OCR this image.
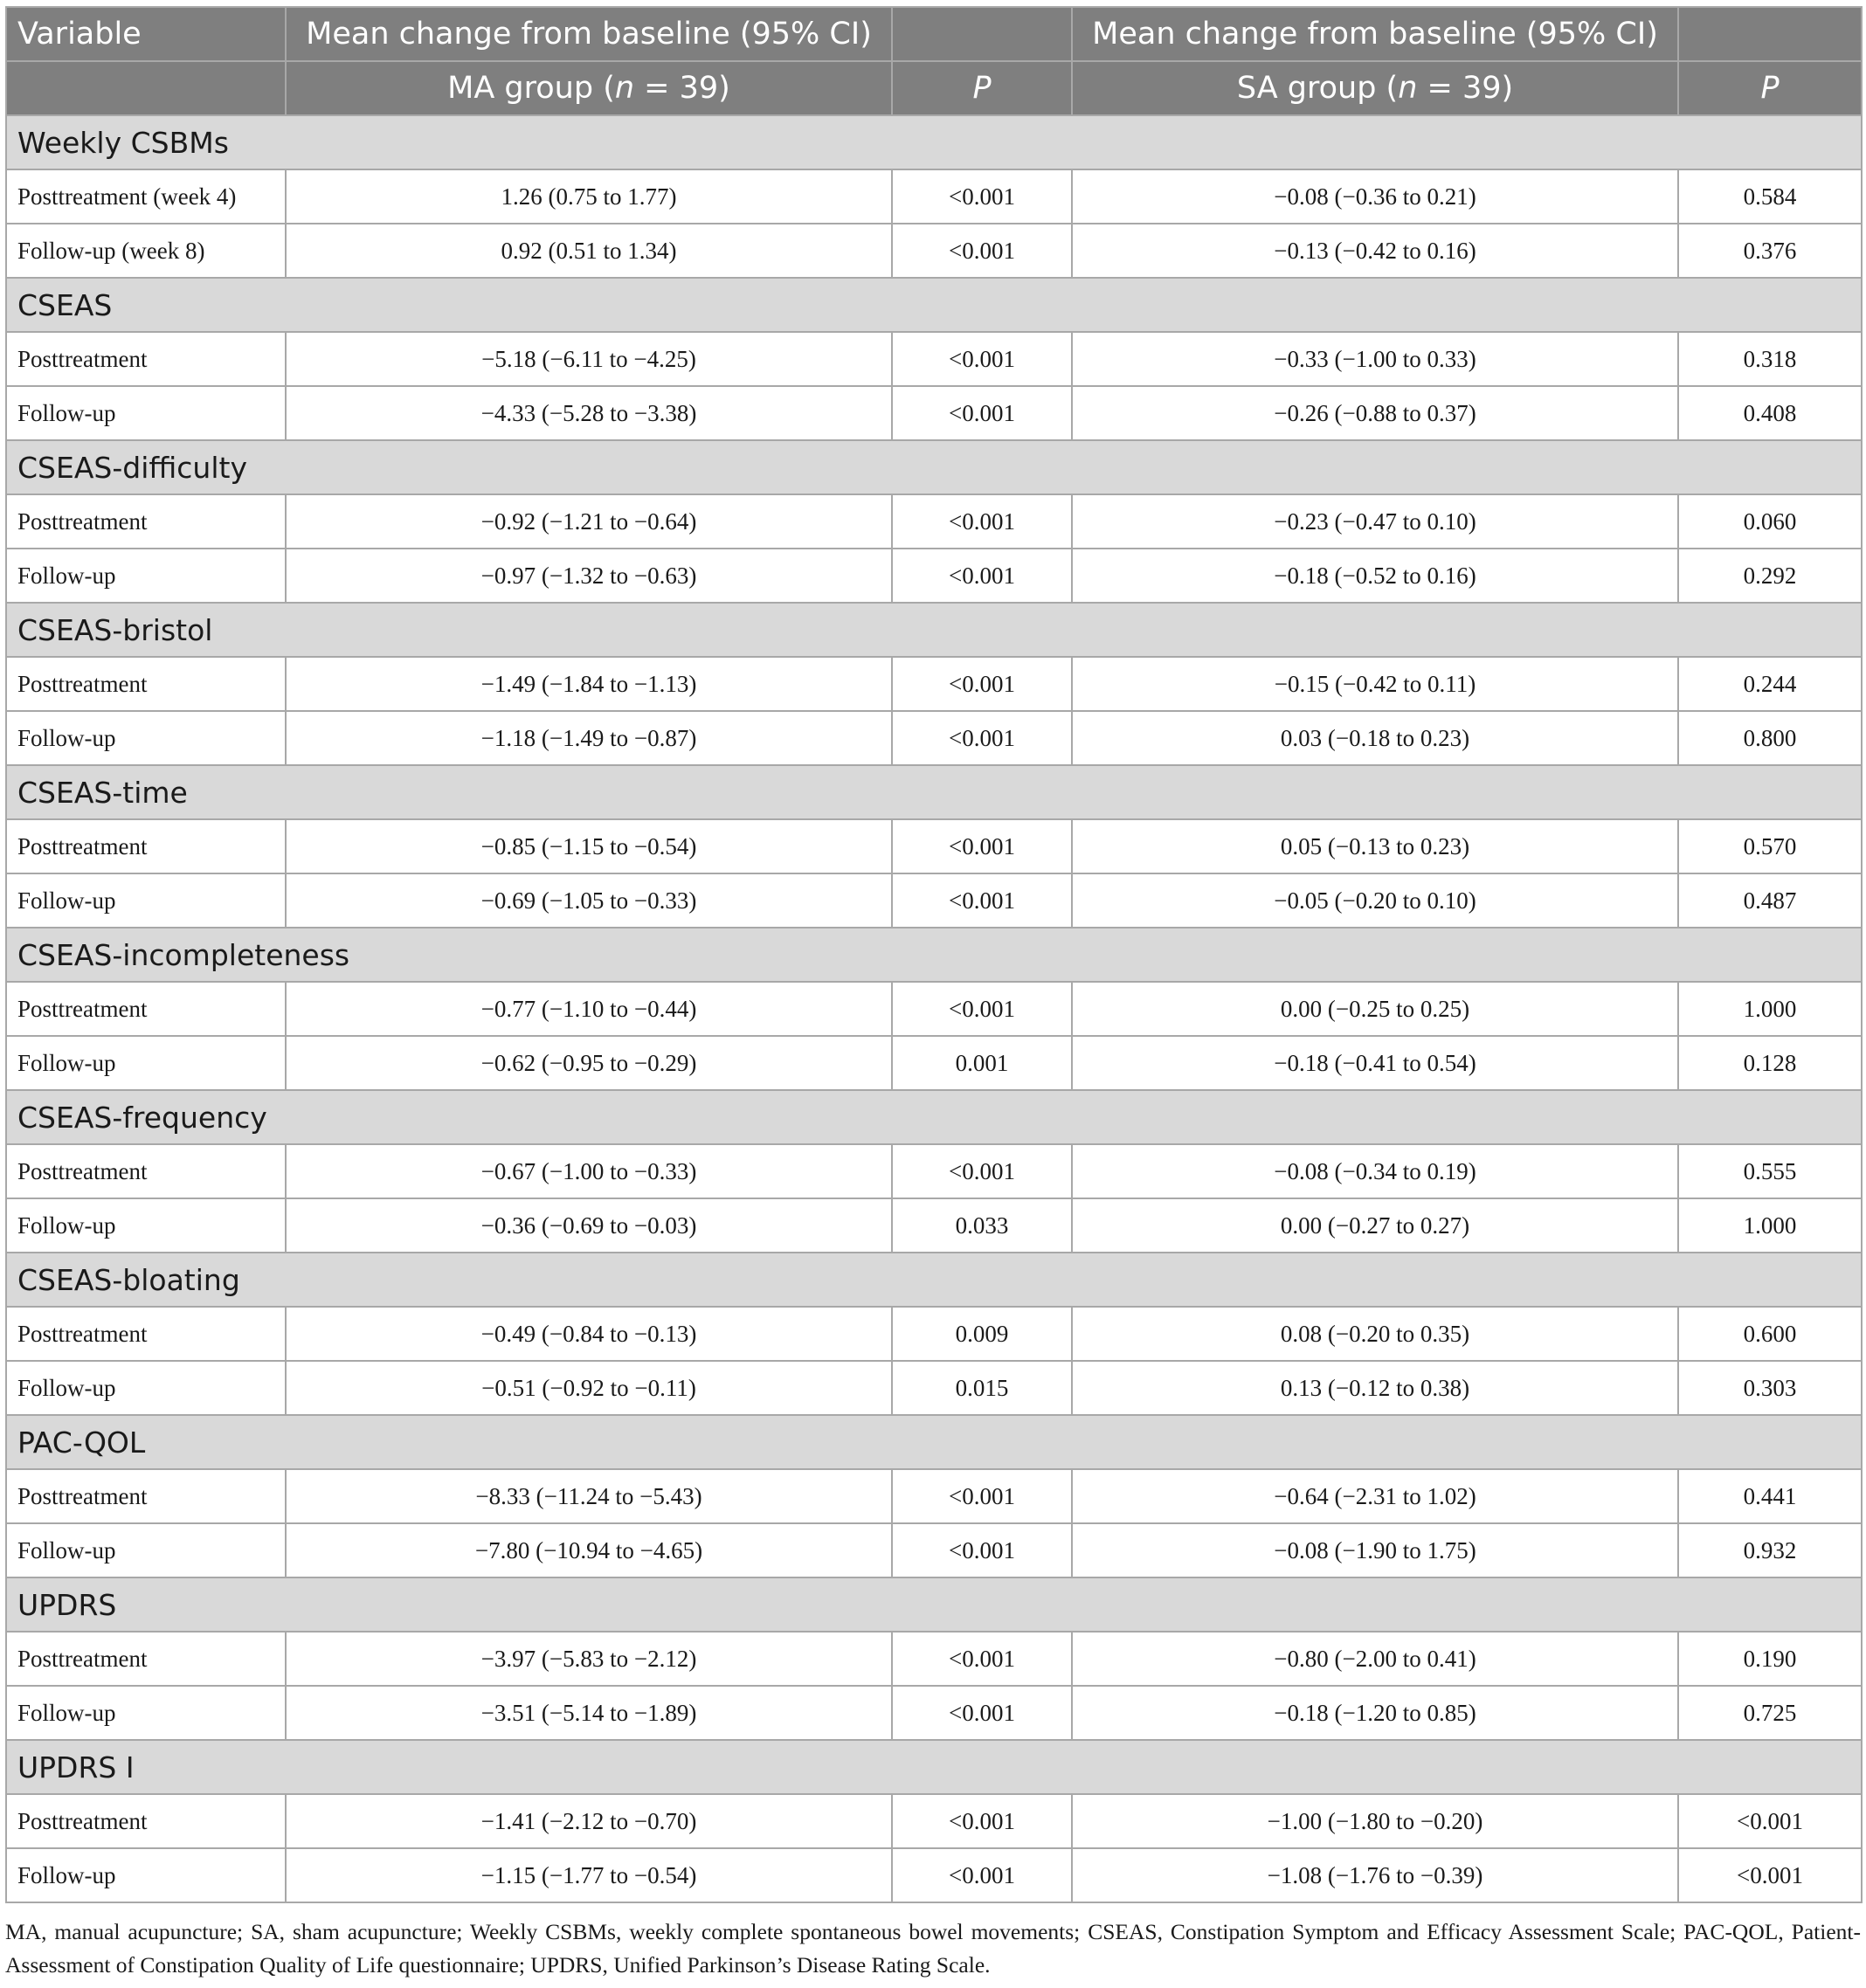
Variable	Mean change from baseline (95% CI)		Mean change from baseline (95% CI)	
	MA group (n = 39)	P	SA group (n = 39)	P
Weekly CSBMs				
Posttreatment (week 4)	1.26 (0.75 to 1.77)	<0.001	−0.08 (−0.36 to 0.21)	0.584
Follow-up (week 8)	0.92 (0.51 to 1.34)	<0.001	−0.13 (−0.42 to 0.16)	0.376
CSEAS				
Posttreatment	−5.18 (−6.11 to −4.25)	<0.001	−0.33 (−1.00 to 0.33)	0.318
Follow-up	−4.33 (−5.28 to −3.38)	<0.001	−0.26 (−0.88 to 0.37)	0.408
CSEAS-difficulty				
Posttreatment	−0.92 (−1.21 to −0.64)	<0.001	−0.23 (−0.47 to 0.10)	0.060
Follow-up	−0.97 (−1.32 to −0.63)	<0.001	−0.18 (−0.52 to 0.16)	0.292
CSEAS-bristol				
Posttreatment	−1.49 (−1.84 to −1.13)	<0.001	−0.15 (−0.42 to 0.11)	0.244
Follow-up	−1.18 (−1.49 to −0.87)	<0.001	0.03 (−0.18 to 0.23)	0.800
CSEAS-time				
Posttreatment	−0.85 (−1.15 to −0.54)	<0.001	0.05 (−0.13 to 0.23)	0.570
Follow-up	−0.69 (−1.05 to −0.33)	<0.001	−0.05 (−0.20 to 0.10)	0.487
CSEAS-incompleteness				
Posttreatment	−0.77 (−1.10 to −0.44)	<0.001	0.00 (−0.25 to 0.25)	1.000
Follow-up	−0.62 (−0.95 to −0.29)	0.001	−0.18 (−0.41 to 0.54)	0.128
CSEAS-frequency				
Posttreatment	−0.67 (−1.00 to −0.33)	<0.001	−0.08 (−0.34 to 0.19)	0.555
Follow-up	−0.36 (−0.69 to −0.03)	0.033	0.00 (−0.27 to 0.27)	1.000
CSEAS-bloating				
Posttreatment	−0.49 (−0.84 to −0.13)	0.009	0.08 (−0.20 to 0.35)	0.600
Follow-up	−0.51 (−0.92 to −0.11)	0.015	0.13 (−0.12 to 0.38)	0.303
PAC-QOL				
Posttreatment	−8.33 (−11.24 to −5.43)	<0.001	−0.64 (−2.31 to 1.02)	0.441
Follow-up	−7.80 (−10.94 to −4.65)	<0.001	−0.08 (−1.90 to 1.75)	0.932
UPDRS				
Posttreatment	−3.97 (−5.83 to −2.12)	<0.001	−0.80 (−2.00 to 0.41)	0.190
Follow-up	−3.51 (−5.14 to −1.89)	<0.001	−0.18 (−1.20 to 0.85)	0.725
UPDRS I				
Posttreatment	−1.41 (−2.12 to −0.70)	<0.001	−1.00 (−1.80 to −0.20)	<0.001
Follow-up	−1.15 (−1.77 to −0.54)	<0.001	−1.08 (−1.76 to −0.39)	<0.001
MA, manual acupuncture; SA, sham acupuncture; Weekly CSBMs, weekly complete spontaneous bowel movements; CSEAS, Constipation Symptom and Efficacy Assessment Scale; PAC-QOL, Patient-Assessment of Constipation Quality of Life questionnaire; UPDRS, Unified Parkinson’s Disease Rating Scale.
